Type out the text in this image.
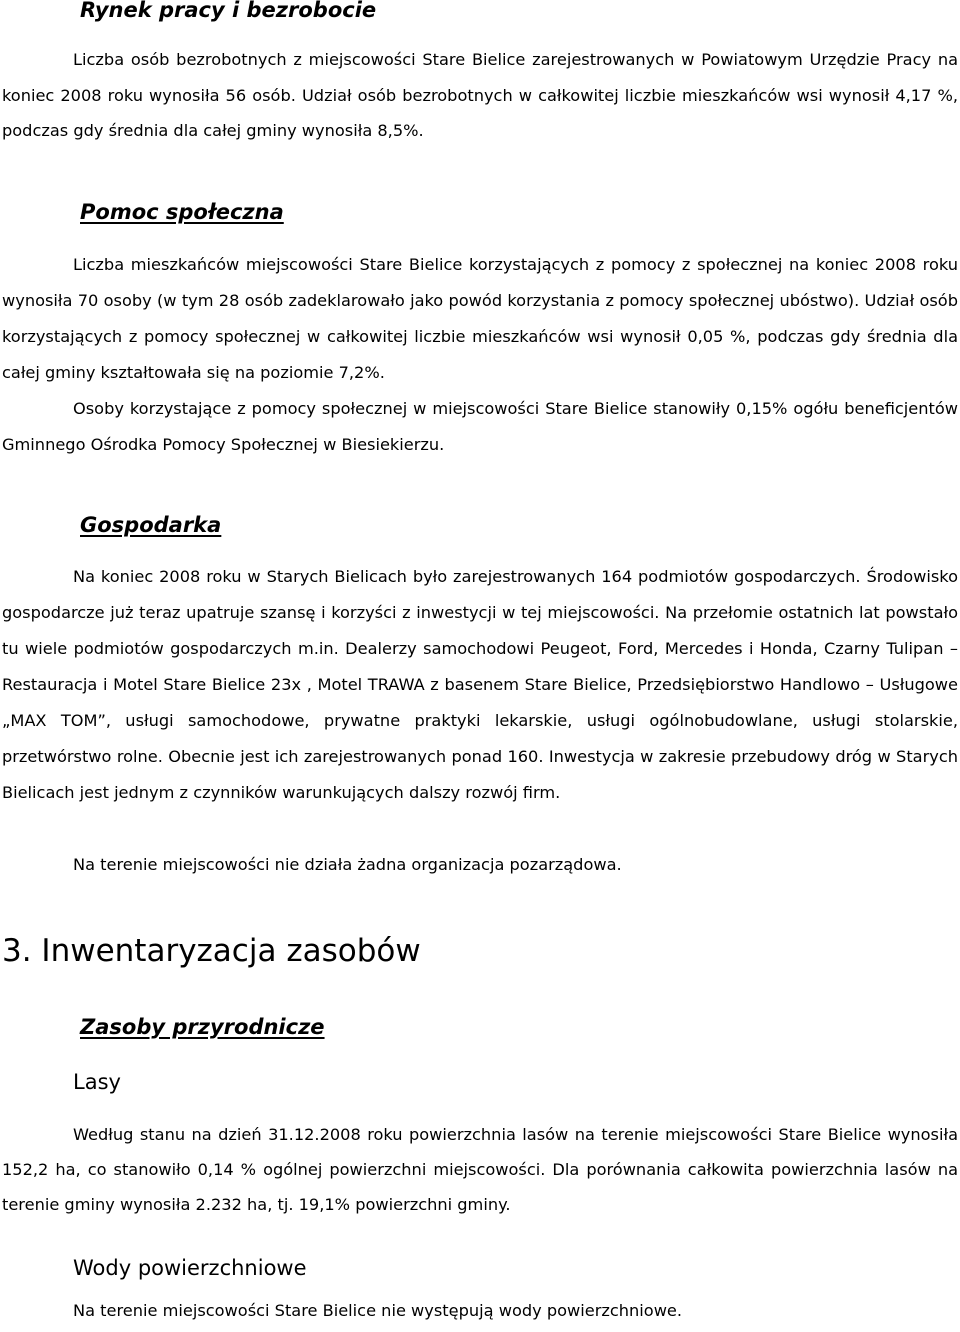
Rynek pracy i bezrobocie

Liczba osób bezrobotnych z miejscowości Stare Bielice zarejestrowanych w Powiatowym Urzędzie Pracy na koniec 2008 roku wynosiła 56 osób. Udział osób bezrobotnych w całkowitej liczbie mieszkańców wsi wynosił 4,17 %, podczas gdy średnia dla całej gminy wynosiła 8,5%.

Pomoc społeczna

Liczba mieszkańców miejscowości Stare Bielice korzystających z pomocy z społecznej na koniec 2008 roku wynosiła 70 osoby (w tym 28 osób zadeklarowało jako powód korzystania z pomocy społecznej ubóstwo). Udział osób korzystających z pomocy społecznej w całkowitej liczbie mieszkańców wsi wynosił 0,05 %, podczas gdy średnia dla całej gminy kształtowała się na poziomie 7,2%.

Osoby korzystające z pomocy społecznej w miejscowości Stare Bielice stanowiły 0,15% ogółu beneficjentów Gminnego Ośrodka Pomocy Społecznej w Biesiekierzu.

Gospodarka

Na koniec 2008 roku w Starych Bielicach było zarejestrowanych 164 podmiotów gospodarczych. Środowisko gospodarcze już teraz upatruje szansę i korzyści z inwestycji w tej miejscowości. Na przełomie ostatnich lat powstało tu wiele podmiotów gospodarczych m.in. Dealerzy samochodowi Peugeot, Ford, Mercedes i Honda, Czarny Tulipan – Restauracja i Motel Stare Bielice 23x , Motel TRAWA z basenem Stare Bielice, Przedsiębiorstwo Handlowo – Usługowe „MAX TOM”, usługi samochodowe, prywatne praktyki lekarskie, usługi ogólnobudowlane, usługi stolarskie, przetwórstwo rolne. Obecnie jest ich zarejestrowanych ponad 160. Inwestycja w zakresie przebudowy dróg w Starych Bielicach jest jednym z czynników warunkujących dalszy rozwój firm.

Na terenie miejscowości nie działa żadna organizacja pozarządowa.

3. Inwentaryzacja zasobów
Zasoby przyrodnicze
Lasy

Według stanu na dzień 31.12.2008 roku powierzchnia lasów na terenie miejscowości Stare Bielice wynosiła 152,2 ha, co stanowiło 0,14 % ogólnej powierzchni miejscowości. Dla porównania całkowita powierzchnia lasów na terenie gminy wynosiła 2.232 ha, tj. 19,1% powierzchni gminy.

Wody powierzchniowe

Na terenie miejscowości Stare Bielice nie występują wody powierzchniowe.
